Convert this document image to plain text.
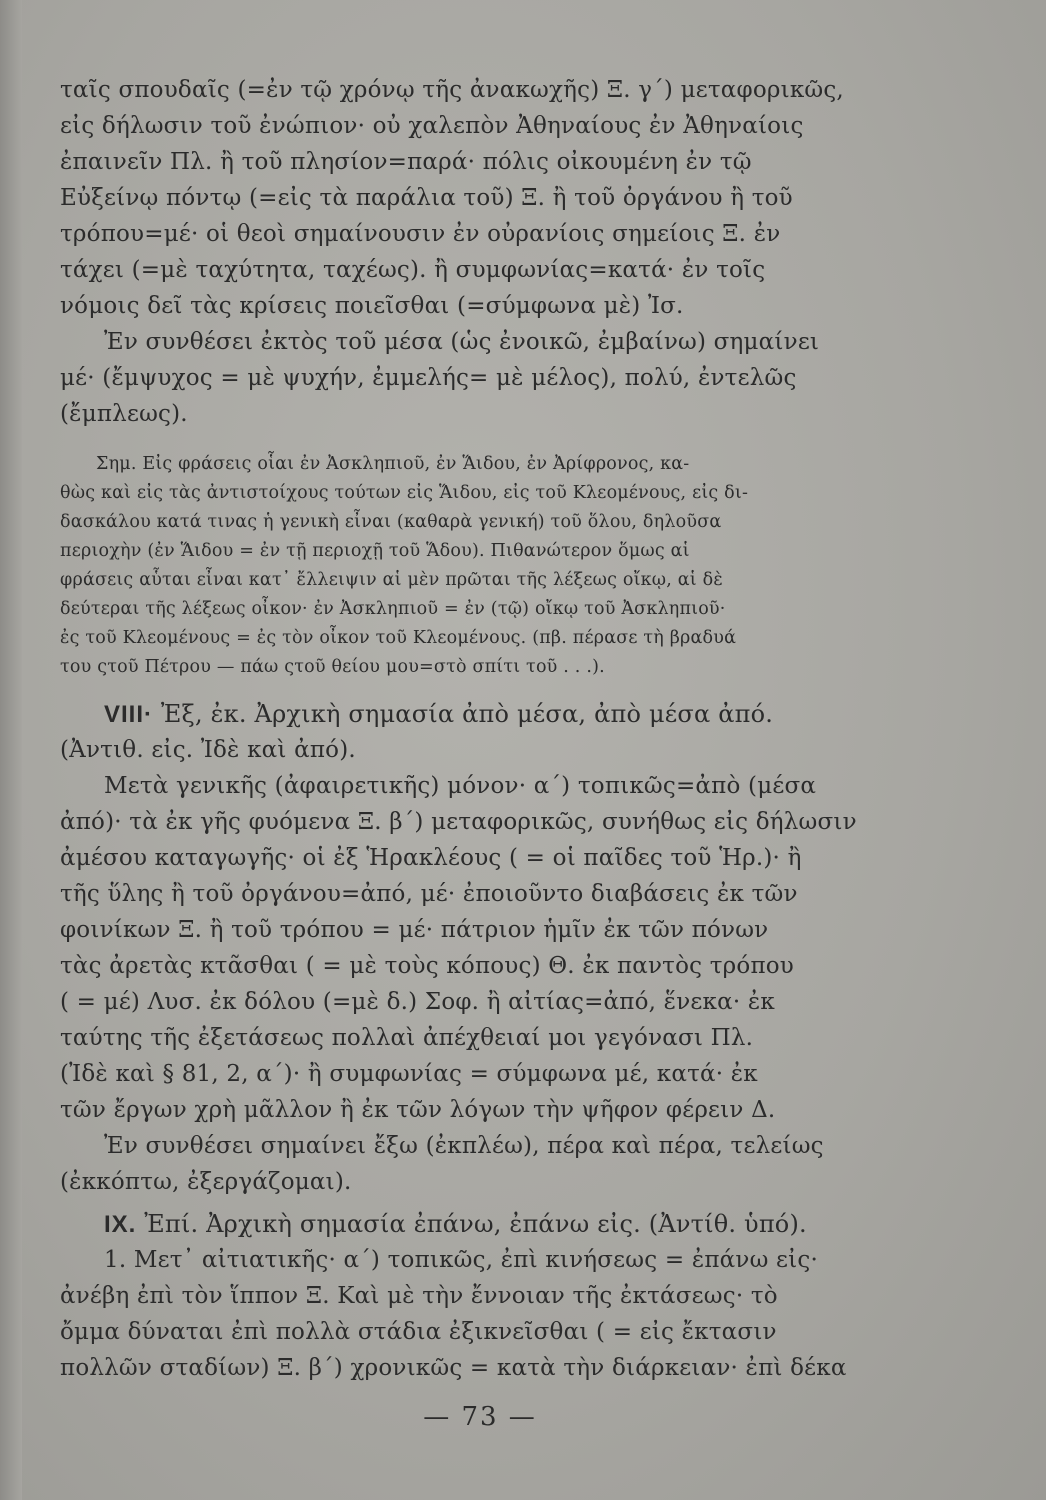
ταῖς σπουδαῖς (=ἐν τῷ χρόνῳ τῆς ἀνακωχῆς) Ξ. γ΄) μεταφορικῶς,
εἰς δήλωσιν τοῦ ἐνώπιον· οὐ χαλεπὸν Ἀθηναίους ἐν Ἀθηναίοις
ἐπαινεῖν Πλ. ἢ τοῦ πλησίον=παρά· πόλις οἰκουμένη ἐν τῷ
Εὐξείνῳ πόντῳ (=εἰς τὰ παράλια τοῦ) Ξ. ἢ τοῦ ὀργάνου ἢ τοῦ
τρόπου=μέ· οἱ θεοὶ σημαίνουσιν ἐν οὐρανίοις σημείοις Ξ. ἐν
τάχει (=μὲ ταχύτητα, ταχέως). ἢ συμφωνίας=κατά· ἐν τοῖς
νόμοις δεῖ τὰς κρίσεις ποιεῖσθαι (=σύμφωνα μὲ) Ἰσ.
Ἐν συνθέσει ἐκτὸς τοῦ μέσα (ὡς ἐνοικῶ, ἐμβαίνω) σημαίνει
μέ· (ἔμψυχος = μὲ ψυχήν, ἐμμελής= μὲ μέλος), πολύ, ἐντελῶς
(ἔμπλεως).
Σημ. Εἰς φράσεις οἷαι ἐν Ἀσκληπιοῦ, ἐν Ἅιδου, ἐν Ἀρίφρονος, κα-
θὼς καὶ εἰς τὰς ἀντιστοίχους τούτων εἰς Ἅιδου, εἰς τοῦ Κλεομένους, εἰς δι-
δασκάλου κατά τινας ἡ γενικὴ εἶναι (καθαρὰ γενική) τοῦ ὅλου, δηλοῦσα
περιοχὴν (ἐν Ἅιδου = ἐν τῇ περιοχῇ τοῦ Ἅδου). Πιθανώτερον ὅμως αἱ
φράσεις αὗται εἶναι κατ᾿ ἔλλειψιν αἱ μὲν πρῶται τῆς λέξεως οἴκῳ, αἱ δὲ
δεύτεραι τῆς λέξεως οἶκον· ἐν Ἀσκληπιοῦ = ἐν (τῷ) οἴκῳ τοῦ Ἀσκληπιοῦ·
ἐς τοῦ Κλεομένους = ἐς τὸν οἶκον τοῦ Κλεομένους. (πβ. πέρασε τὴ βραδυά
του ςτοῦ Πέτρου — πάω ςτοῦ θείου μου=στὸ σπίτι τοῦ . . .).
VIII· Ἐξ, ἐκ. Ἀρχικὴ σημασία ἀπὸ μέσα, ἀπὸ μέσα ἀπό.
(Ἀντιθ. εἰς. Ἰδὲ καὶ ἀπό).
Μετὰ γενικῆς (ἀφαιρετικῆς) μόνον· α΄) τοπικῶς=ἀπὸ (μέσα
ἀπό)· τὰ ἐκ γῆς φυόμενα Ξ. β΄) μεταφορικῶς, συνήθως εἰς δήλωσιν
ἀμέσου καταγωγῆς· οἱ ἐξ Ἡρακλέους ( = οἱ παῖδες τοῦ Ἡρ.)· ἢ
τῆς ὕλης ἢ τοῦ ὀργάνου=ἀπό, μέ· ἐποιοῦντο διαβάσεις ἐκ τῶν
φοινίκων Ξ. ἢ τοῦ τρόπου = μέ· πάτριον ἡμῖν ἐκ τῶν πόνων
τὰς ἀρετὰς κτᾶσθαι ( = μὲ τοὺς κόπους) Θ. ἐκ παντὸς τρόπου
( = μέ) Λυσ. ἐκ δόλου (=μὲ δ.) Σοφ. ἢ αἰτίας=ἀπό, ἕνεκα· ἐκ
ταύτης τῆς ἐξετάσεως πολλαὶ ἀπέχθειαί μοι γεγόνασι Πλ.
(Ἰδὲ καὶ § 81, 2, α΄)· ἢ συμφωνίας = σύμφωνα μέ, κατά· ἐκ
τῶν ἔργων χρὴ μᾶλλον ἢ ἐκ τῶν λόγων τὴν ψῆφον φέρειν Δ.
Ἐν συνθέσει σημαίνει ἔξω (ἐκπλέω), πέρα καὶ πέρα, τελείως
(ἐκκόπτω, ἐξεργάζομαι).
IX. Ἐπί. Ἀρχικὴ σημασία ἐπάνω, ἐπάνω εἰς. (Ἀντίθ. ὑπό).
1. Μετ᾿ αἰτιατικῆς· α΄) τοπικῶς, ἐπὶ κινήσεως = ἐπάνω εἰς·
ἀνέβη ἐπὶ τὸν ἵππον Ξ. Καὶ μὲ τὴν ἔννοιαν τῆς ἐκτάσεως· τὸ
ὄμμα δύναται ἐπὶ πολλὰ στάδια ἐξικνεῖσθαι ( = εἰς ἔκτασιν
πολλῶν σταδίων) Ξ. β΄) χρονικῶς = κατὰ τὴν διάρκειαν· ἐπὶ δέκα
— 73 —
